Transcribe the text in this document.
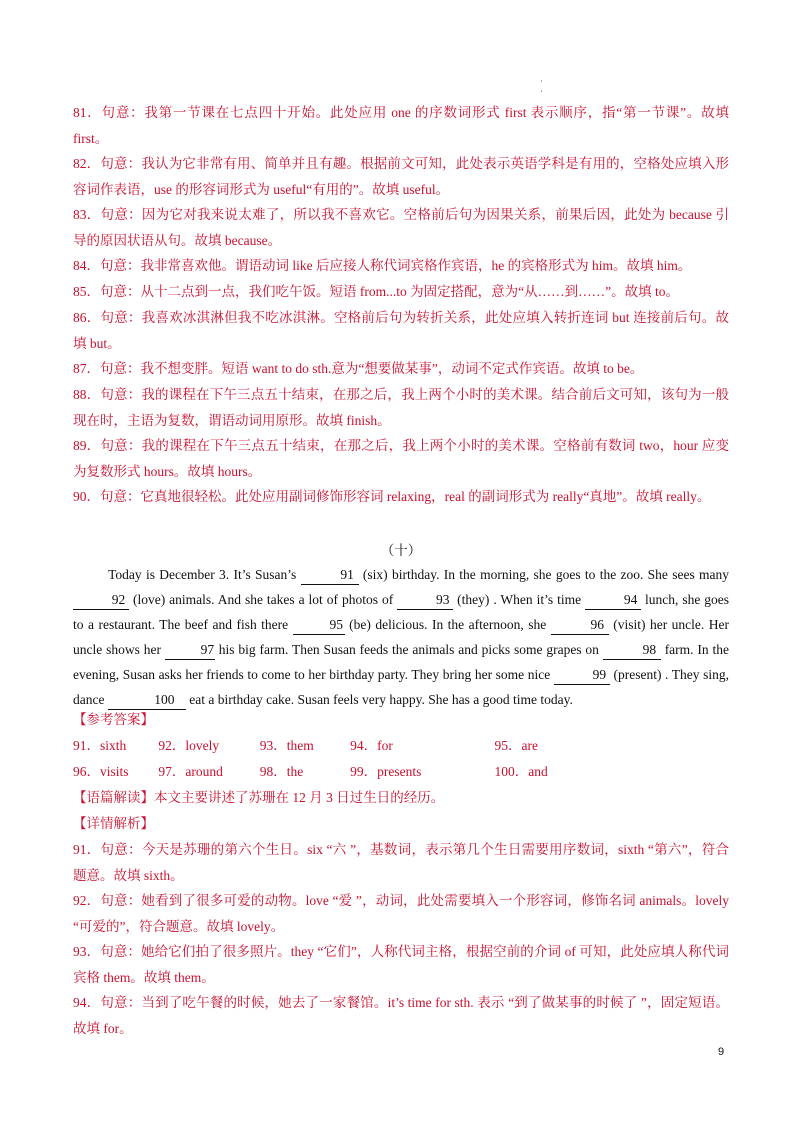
·
·

81．句意：我第一节课在七点四十开始。此处应用 one 的序数词形式 first 表示顺序，指“第一节课”。故填 first。

82．句意：我认为它非常有用、简单并且有趣。根据前文可知，此处表示英语学科是有用的，空格处应填入形容词作表语，use 的形容词形式为 useful“有用的”。故填 useful。

83．句意：因为它对我来说太难了，所以我不喜欢它。空格前后句为因果关系，前果后因，此处为 because 引导的原因状语从句。故填 because。

84．句意：我非常喜欢他。谓语动词 like 后应接人称代词宾格作宾语，he 的宾格形式为 him。故填 him。

85．句意：从十二点到一点，我们吃午饭。短语 from...to 为固定搭配，意为“从……到……”。故填 to。

86．句意：我喜欢冰淇淋但我不吃冰淇淋。空格前后句为转折关系，此处应填入转折连词 but 连接前后句。故填 but。

87．句意：我不想变胖。短语 want to do sth.意为“想要做某事”，动词不定式作宾语。故填 to be。

88．句意：我的课程在下午三点五十结束，在那之后，我上两个小时的美术课。结合前后文可知，该句为一般现在时，主语为复数，谓语动词用原形。故填 finish。

89．句意：我的课程在下午三点五十结束，在那之后，我上两个小时的美术课。空格前有数词 two，hour 应变为复数形式 hours。故填 hours。

90．句意：它真地很轻松。此处应用副词修饰形容词 relaxing，real 的副词形式为 really“真地”。故填 really。

（十）

Today is December 3. It’s Susan’s	91 (six) birthday. In the morning, she goes to the zoo. She sees many 92 (love) animals. And she takes a lot of photos of	93 (they) . When it’s time	94 lunch, she goes to a restaurant. The beef and fish there	95 (be) delicious. In the afternoon, she	96 (visit) her uncle. Her uncle shows her	97 his big farm. Then Susan feeds the animals and picks some grapes on	98 farm. In the evening, Susan asks her friends to come to her birthday party. They bring her some nice	99 (present) . They sing, dance	100 eat a birthday cake. Susan feels very happy. She has a good time today.

【参考答案】
91．sixth 92．lovely	93．them	94．for	95．are
96．visits 97．around	98．the	99．presents	100．and
【语篇解读】本文主要讲述了苏珊在 12 月 3 日过生日的经历。
【详情解析】

91．句意：今天是苏珊的第六个生日。six “六 ”，基数词，表示第几个生日需要用序数词，sixth “第六”，符合题意。故填 sixth。

92．句意：她看到了很多可爱的动物。love “爱 ”，动词，此处需要填入一个形容词，修饰名词 animals。lovely “可爱的”，符合题意。故填 lovely。

93．句意：她给它们拍了很多照片。they “它们”，人称代词主格，根据空前的介词 of 可知，此处应填人称代词宾格 them。故填 them。

94．句意：当到了吃午餐的时候，她去了一家餐馆。it’s time for sth. 表示 “到了做某事的时候了 ”，固定短语。故填 for。

9
